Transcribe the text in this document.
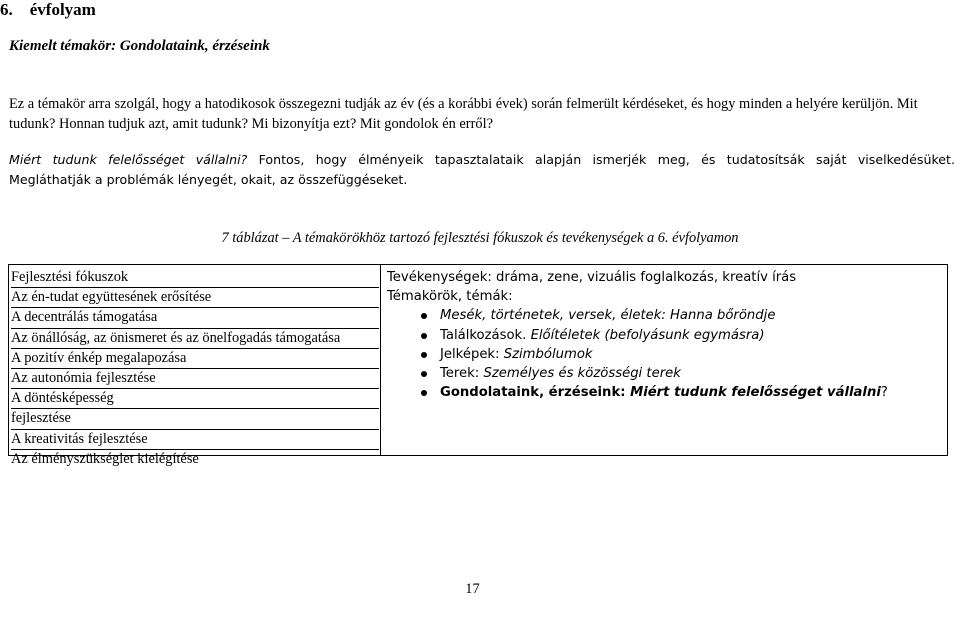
6.    évfolyam
Kiemelt témakör: Gondolataink, érzéseink
Ez a témakör arra szolgál, hogy a hatodikosok összegezni tudják az év (és a korábbi évek) során felmerült kérdéseket, és hogy minden a helyére kerüljön. Mit tudunk? Honnan tudjuk azt, amit tudunk? Mi bizonyítja ezt? Mit gondolok én erről?
Miért tudunk felelősséget vállalni? Fontos, hogy élményeik tapasztalataik alapján ismerjék meg, és tudatosítsák saját viselkedésüket.
Megláthatják a problémák lényegét, okait, az összefüggéseket.
7 táblázat – A témakörökhöz tartozó fejlesztési fókuszok és tevékenységek a 6. évfolyamon
Fejlesztési fókuszok
Az én-tudat együttesének erősítése
A decentrálás támogatása
Az önállóság, az önismeret és az önelfogadás támogatása
A pozitív énkép megalapozása
Az autonómia fejlesztése
A döntésképesség
fejlesztése
A kreativitás fejlesztése
Az élményszükséglet kielégítése
Tevékenységek: dráma, zene, vizuális foglalkozás, kreatív írás
Témakörök, témák:
Mesék, történetek, versek, életek: Hanna bőröndje
Találkozások. Előítéletek (befolyásunk egymásra)
Jelképek: Szimbólumok
Terek: Személyes és közösségi terek
Gondolataink, érzéseink: Miért tudunk felelősséget vállalni?
17
